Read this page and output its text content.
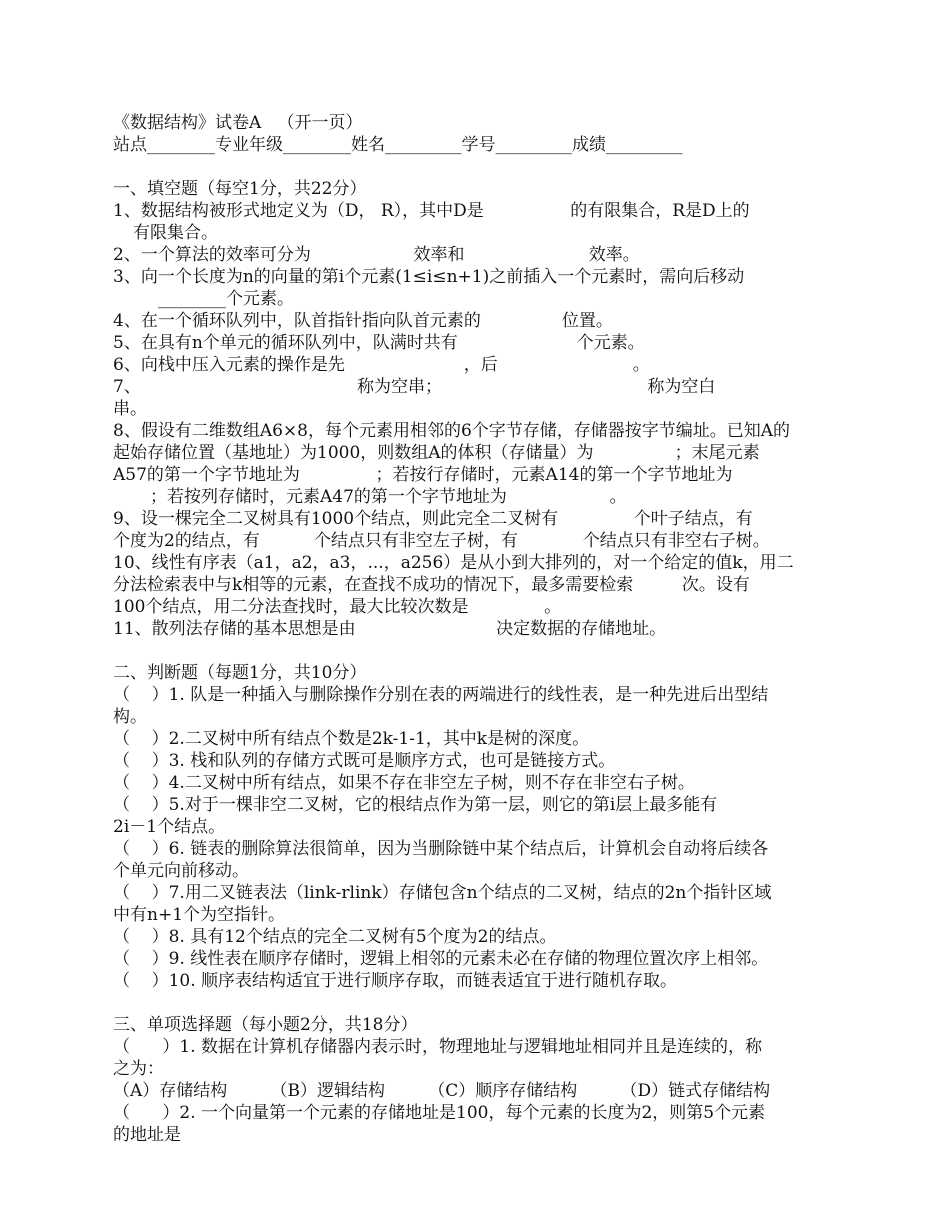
《数据结构》试卷A   （开一页）
站点________专业年级________姓名_________学号_________成绩_________
一、填空题（每空1分，共22分）
1、数据结构被形式地定义为（D， R），其中D是                的有限集合，R是D上的
有限集合。
2、一个算法的效率可分为                   效率和                       效率。
3、向一个长度为n的向量的第i个元素(1≤i≤n+1)之前插入一个元素时，需向后移动
________个元素。
4、在一个循环队列中，队首指针指向队首元素的               位置。
5、在具有n个单元的循环队列中，队满时共有                      个元素。
6、向栈中压入元素的操作是先                      ，后                         。
7、                                        称为空串；                                      称为空白
串。
8、假设有二维数组A6×8，每个元素用相邻的6个字节存储，存储器按字节编址。已知A的
起始存储位置（基地址）为1000，则数组A的体积（存储量）为               ；末尾元素
A57的第一个字节地址为              ；若按行存储时，元素A14的第一个字节地址为
；若按列存储时，元素A47的第一个字节地址为                   。
9、设一棵完全二叉树具有1000个结点，则此完全二叉树有              个叶子结点，有
个度为2的结点，有          个结点只有非空左子树，有            个结点只有非空右子树。
10、线性有序表（a1，a2，a3，...，a256）是从小到大排列的，对一个给定的值k，用二
分法检索表中与k相等的元素，在查找不成功的情况下，最多需要检索         次。设有
100个结点，用二分法查找时，最大比较次数是              。
11、散列法存储的基本思想是由                          决定数据的存储地址。
二、判断题（每题1分，共10分）
（    ）1. 队是一种插入与删除操作分别在表的两端进行的线性表，是一种先进后出型结
构。
（    ）2.二叉树中所有结点个数是2k-1-1，其中k是树的深度。
（    ）3. 栈和队列的存储方式既可是顺序方式，也可是链接方式。
（    ）4.二叉树中所有结点，如果不存在非空左子树，则不存在非空右子树。
（    ）5.对于一棵非空二叉树，它的根结点作为第一层，则它的第i层上最多能有
2i－1个结点。
（    ）6. 链表的删除算法很简单，因为当删除链中某个结点后，计算机会自动将后续各
个单元向前移动。
（    ）7.用二叉链表法（link-rlink）存储包含n个结点的二叉树，结点的2n个指针区域
中有n+1个为空指针。
（    ）8. 具有12个结点的完全二叉树有5个度为2的结点。
（    ）9. 线性表在顺序存储时，逻辑上相邻的元素未必在存储的物理位置次序上相邻。
（    ）10. 顺序表结构适宜于进行顺序存取，而链表适宜于进行随机存取。
三、单项选择题（每小题2分，共18分）
（      ）1. 数据在计算机存储器内表示时，物理地址与逻辑地址相同并且是连续的，称
之为：
（A）存储结构        （B）逻辑结构        （C）顺序存储结构        （D）链式存储结构
（      ）2. 一个向量第一个元素的存储地址是100，每个元素的长度为2，则第5个元素
的地址是
